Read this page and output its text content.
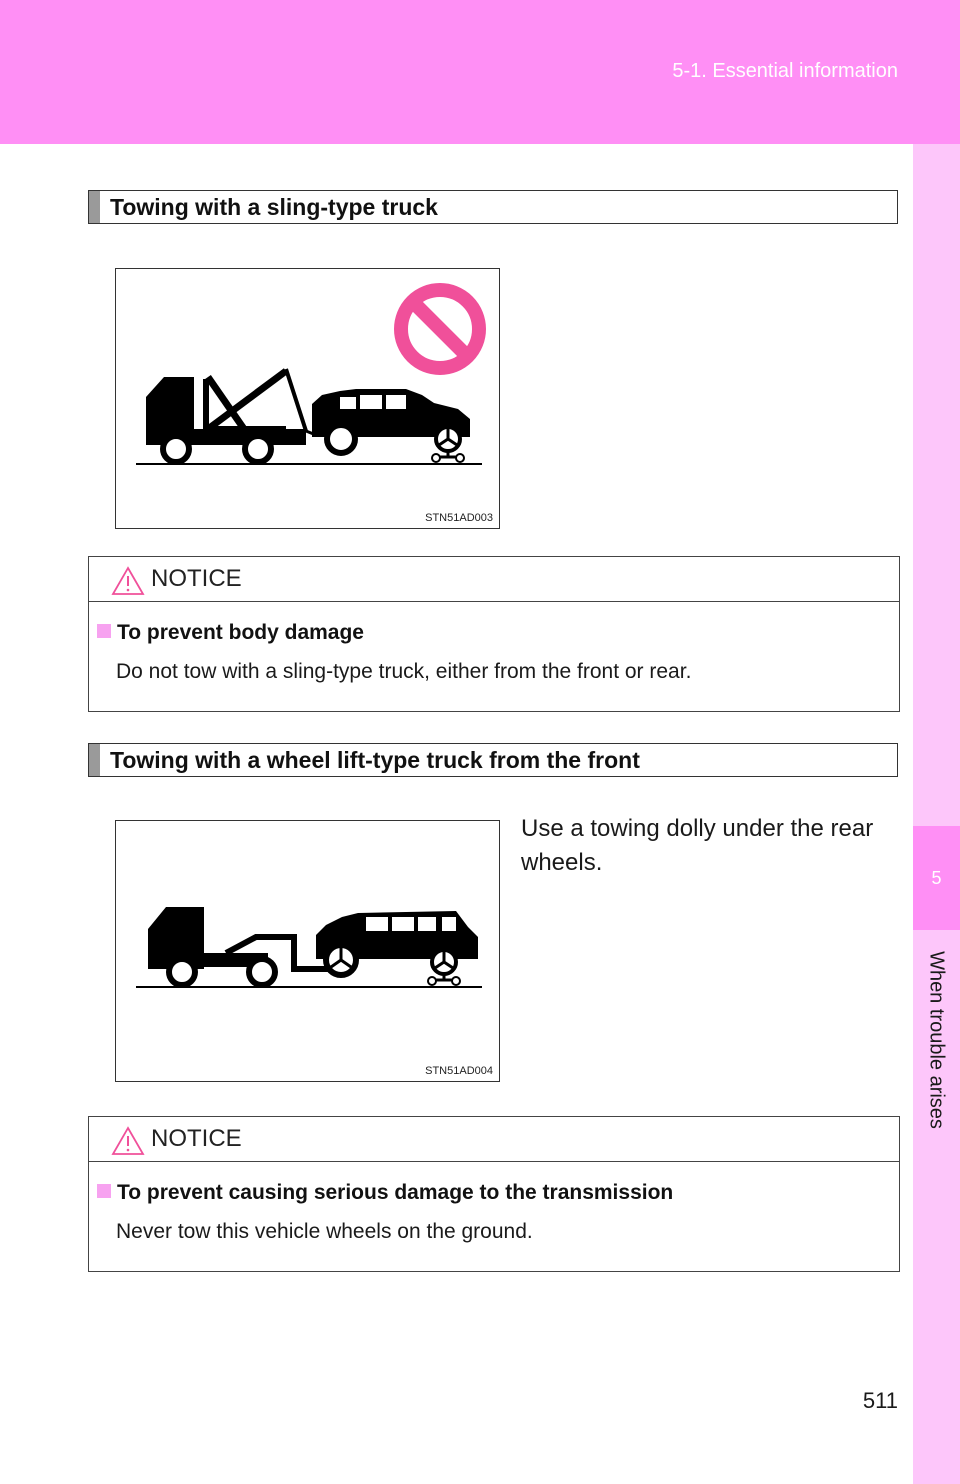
5-1. Essential information
5
When trouble arises
Towing with a sling-type truck
STN51AD003
NOTICE
To prevent body damage
Do not tow with a sling-type truck, either from the front or rear.
Towing with a wheel lift-type truck from the front
Use a towing dolly under the rear wheels.
STN51AD004
NOTICE
To prevent causing serious damage to the transmission
Never tow this vehicle wheels on the ground.
511
